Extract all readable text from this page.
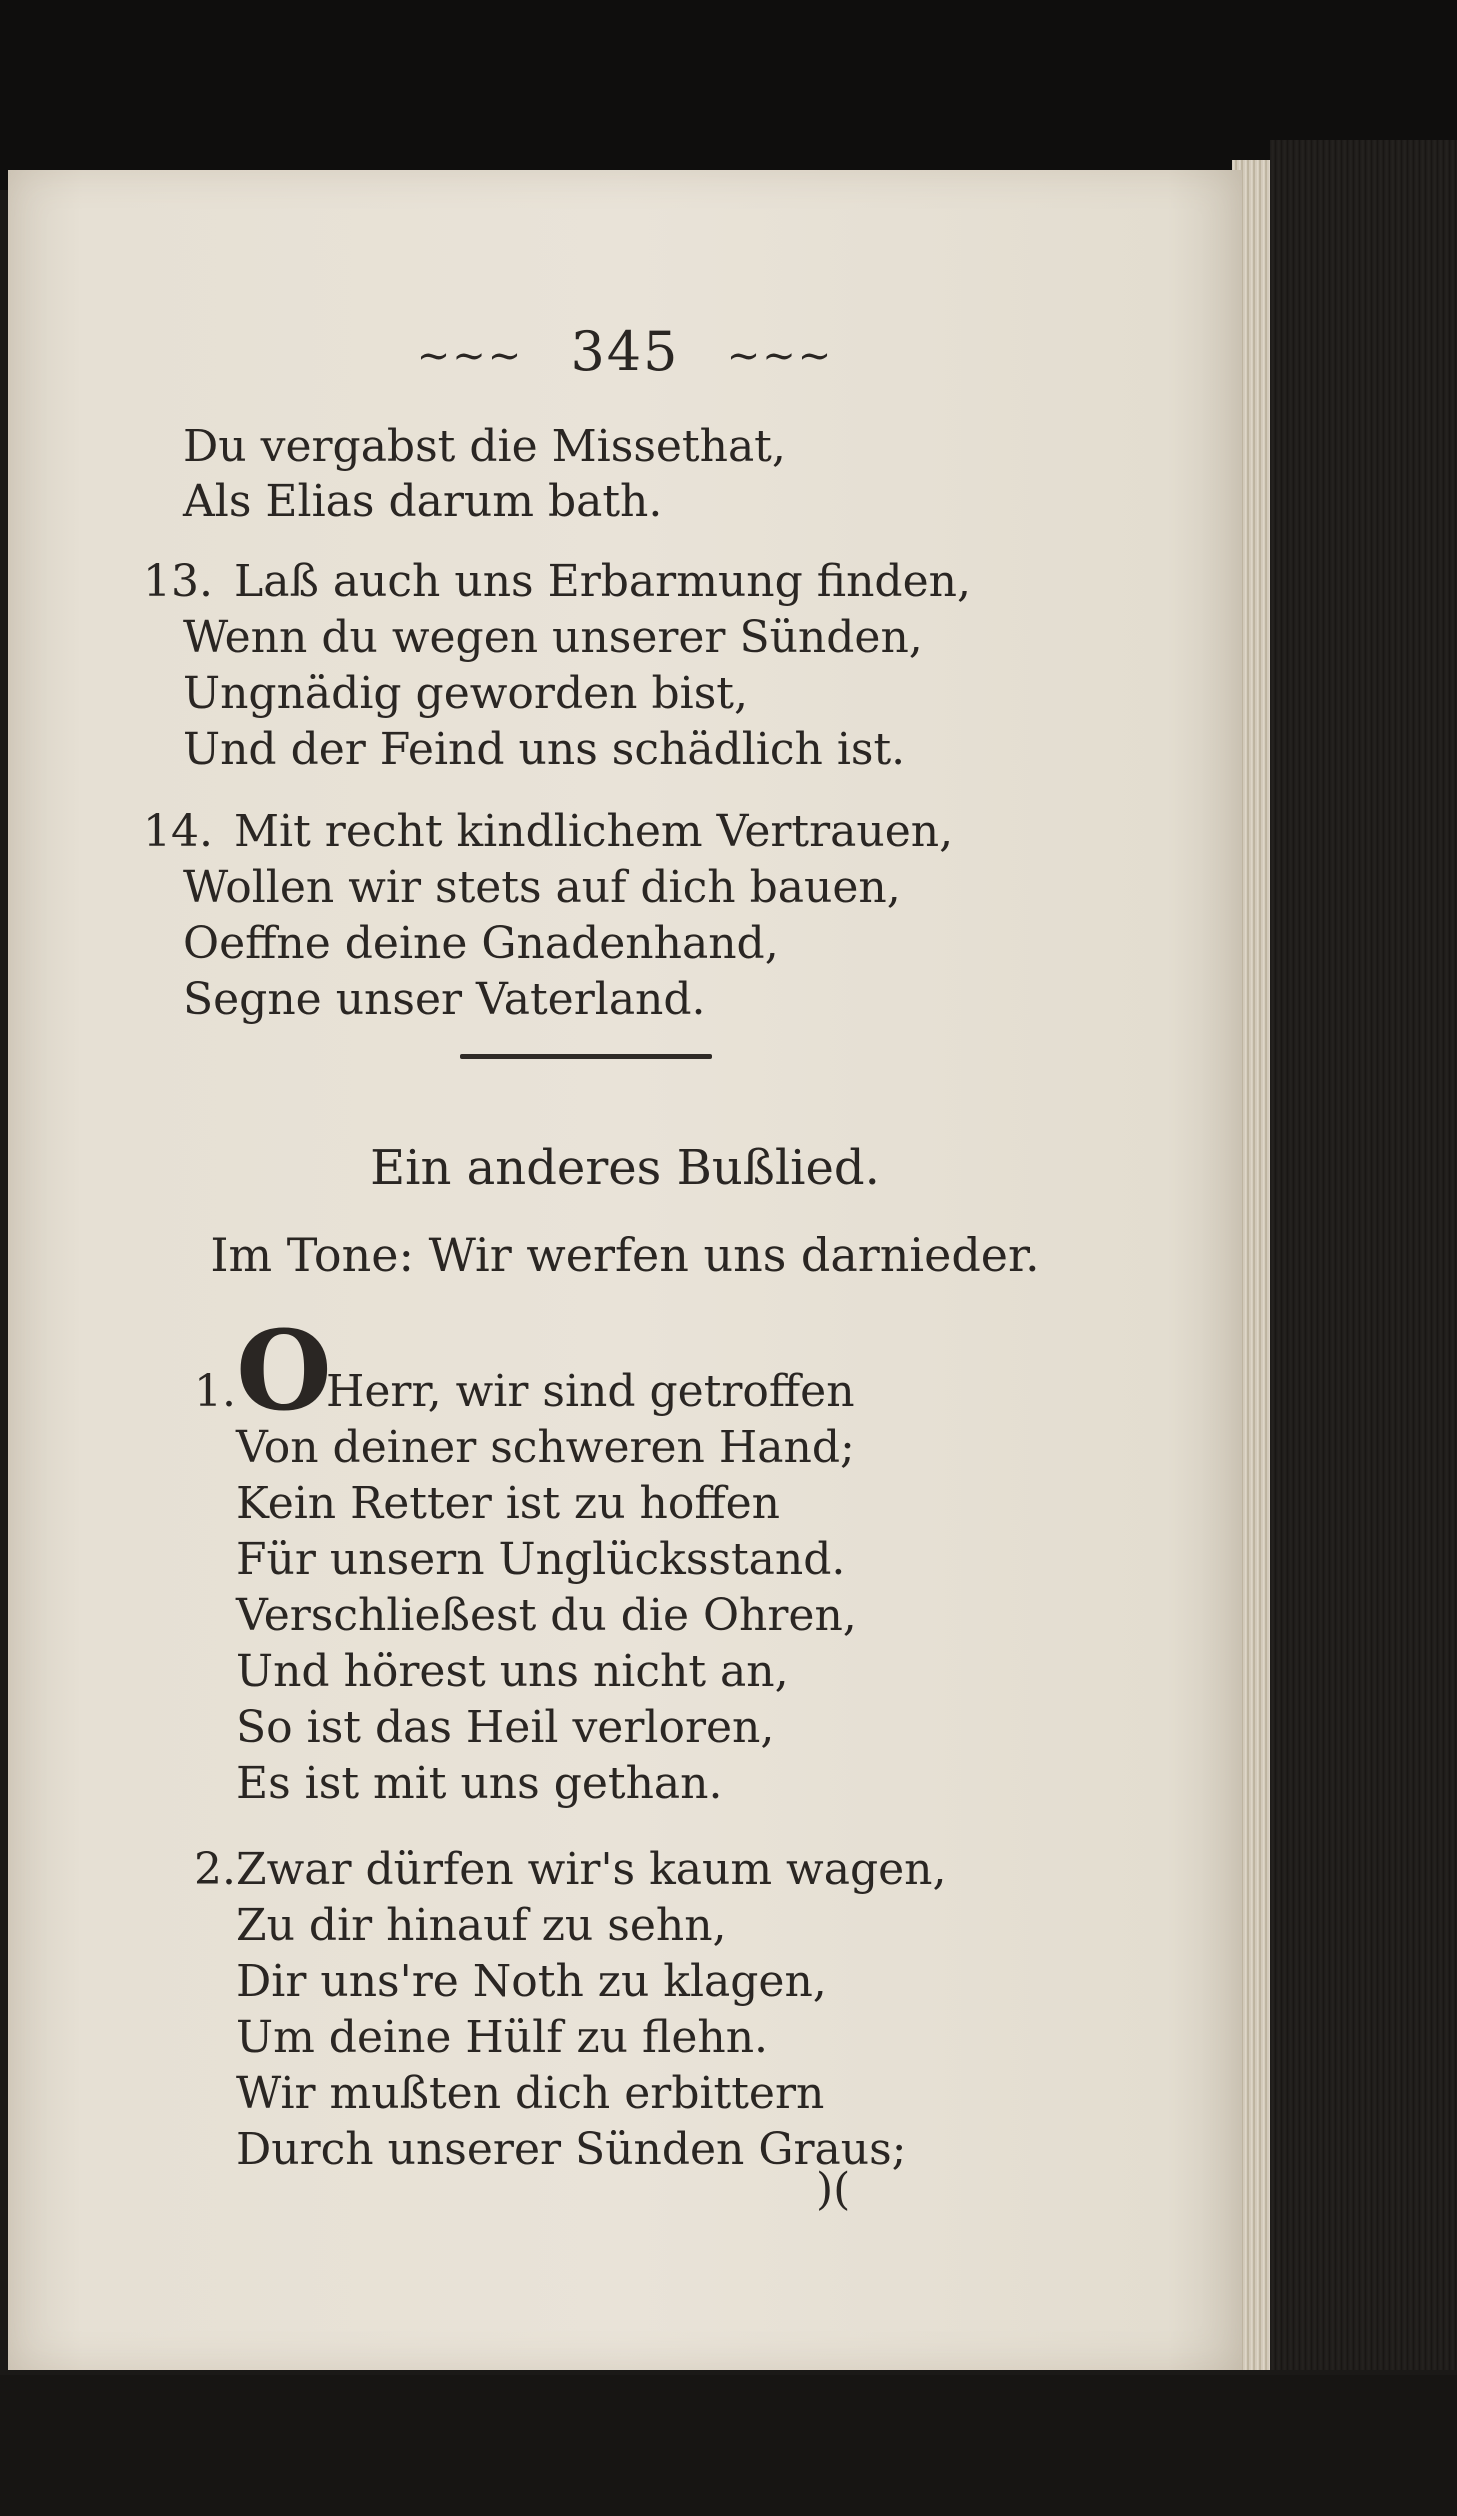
~~~ 345 ~~~
Du vergabst die Missethat,
Als Elias darum bath.
13. Laß auch uns Erbarmung finden,
Wenn du wegen unserer Sünden,
Ungnädig geworden bist,
Und der Feind uns schädlich ist.
14. Mit recht kindlichem Vertrauen,
Wollen wir stets auf dich bauen,
Oeffne deine Gnadenhand,
Segne unser Vaterland.
Ein anderes Bußlied.
Im Tone: Wir werfen uns darnieder.
1. O
Herr, wir sind getroffen
Von deiner schweren Hand;
Kein Retter ist zu hoffen
Für unsern Unglücksstand.
Verschließest du die Ohren,
Und hörest uns nicht an,
So ist das Heil verloren,
Es ist mit uns gethan.
2. Zwar dürfen wir's kaum wagen,
Zu dir hinauf zu sehn,
Dir uns're Noth zu klagen,
Um deine Hülf zu flehn.
Wir mußten dich erbittern
Durch unserer Sünden Graus;
)(
